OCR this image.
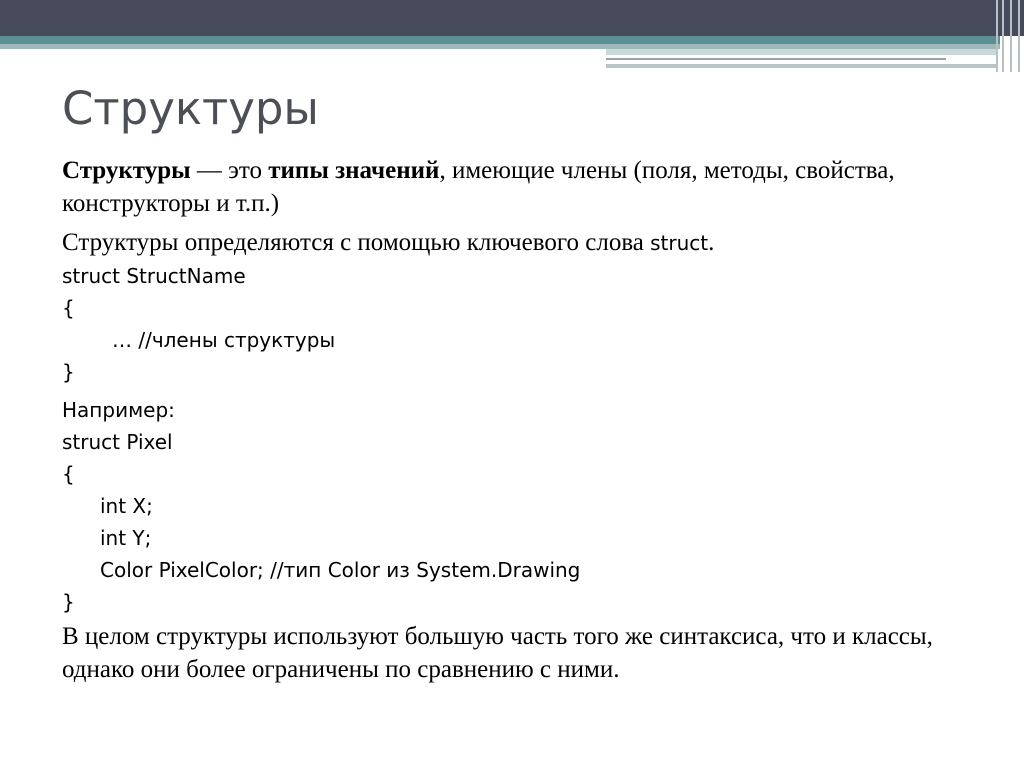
Структуры

Структуры — это типы значений, имеющие члены (поля, методы, свойства, конструкторы и т.п.)

Структуры определяются с помощью ключевого слова struct.

struct StructName
{
… //члены структуры
}
Например:
struct Pixel
{
int X;
int Y;
Color PixelColor; //тип Color из System.Drawing
}

В целом структуры используют большую часть того же синтаксиса, что и классы, однако они более ограничены по сравнению с ними.
